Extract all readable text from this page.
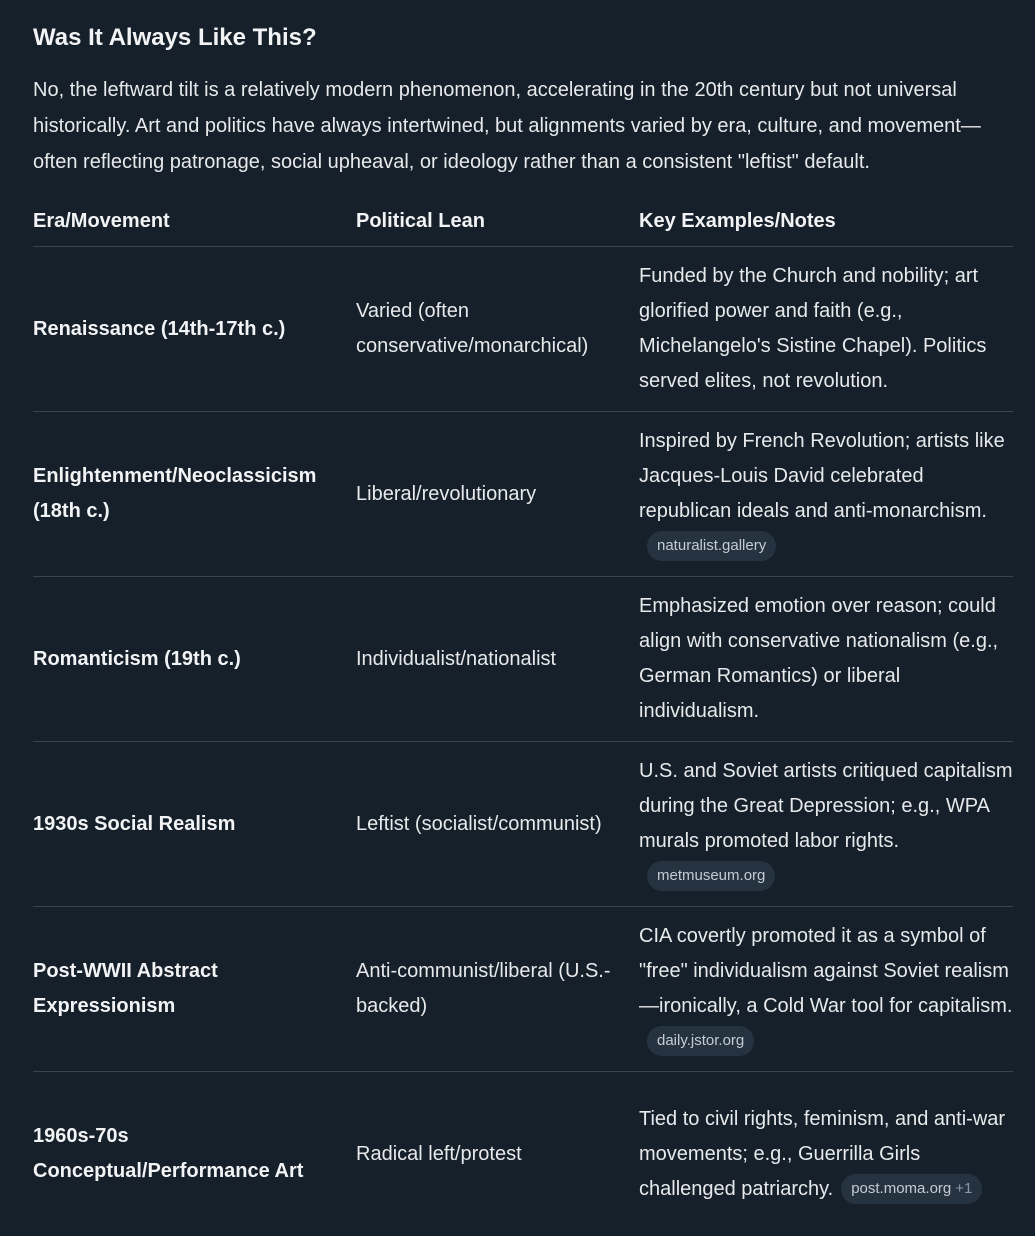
Was It Always Like This?

No, the leftward tilt is a relatively modern phenomenon, accelerating in the 20th century but not universal historically. Art and politics have always intertwined, but alignments varied by era, culture, and movement—often reflecting patronage, social upheaval, or ideology rather than a consistent "leftist" default.

Era/Movement	Political Lean	Key Examples/Notes
Renaissance (14th-17th c.)	Varied (often conservative/monarchical)	Funded by the Church and nobility; art glorified power and faith (e.g., Michelangelo's Sistine Chapel). Politics served elites, not revolution.
Enlightenment/Neoclassicism (18th c.)	Liberal/revolutionary	Inspired by French Revolution; artists like Jacques-Louis David celebrated republican ideals and anti-monarchism.naturalist.gallery
Romanticism (19th c.)	Individualist/nationalist	Emphasized emotion over reason; could align with conservative nationalism (e.g., German Romantics) or liberal individualism.
1930s Social Realism	Leftist (socialist/communist)	U.S. and Soviet artists critiqued capitalism during the Great Depression; e.g., WPA murals promoted labor rights.metmuseum.org
Post-WWII Abstract Expressionism	Anti-communist/liberal (U.S.-backed)	CIA covertly promoted it as a symbol of "free" individualism against Soviet realism—ironically, a Cold War tool for capitalism.daily.jstor.org
1960s-70s Conceptual/Performance Art	Radical left/protest	Tied to civil rights, feminism, and anti-war movements; e.g., Guerrilla Girls challenged patriarchy. post.moma.org +1
